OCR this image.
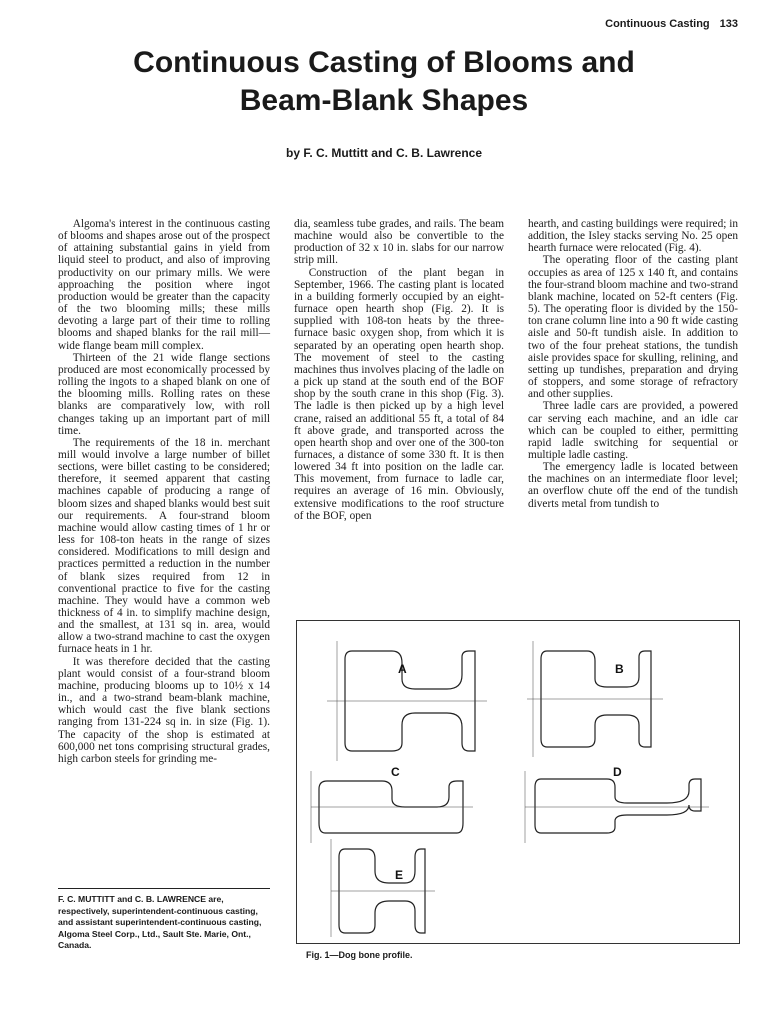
Continuous Casting 133
Continuous Casting of Blooms and
Beam-Blank Shapes
by F. C. Muttitt and C. B. Lawrence

Algoma's interest in the continuous casting of blooms and shapes arose out of the prospect of attaining substantial gains in yield from liquid steel to product, and also of improving productivity on our primary mills. We were approaching the position where ingot production would be greater than the capacity of the two blooming mills; these mills devoting a large part of their time to rolling blooms and shaped blanks for the rail mill—wide flange beam mill complex.

Thirteen of the 21 wide flange sections produced are most economically processed by rolling the ingots to a shaped blank on one of the blooming mills. Rolling rates on these blanks are comparatively low, with roll changes taking up an important part of mill time.

The requirements of the 18 in. merchant mill would involve a large number of billet sections, were billet casting to be considered; therefore, it seemed apparent that casting machines capable of producing a range of bloom sizes and shaped blanks would best suit our requirements. A four-strand bloom machine would allow casting times of 1 hr or less for 108-ton heats in the range of sizes considered. Modifications to mill design and practices permitted a reduction in the number of blank sizes required from 12 in conventional practice to five for the casting machine. They would have a common web thickness of 4 in. to simplify machine design, and the smallest, at 131 sq in. area, would allow a two-strand machine to cast the oxygen furnace heats in 1 hr.

It was therefore decided that the casting plant would consist of a four-strand bloom machine, producing blooms up to 10½ x 14 in., and a two-strand beam-blank machine, which would cast the five blank sections ranging from 131-224 sq in. in size (Fig. 1). The capacity of the shop is estimated at 600,000 net tons comprising structural grades, high carbon steels for grinding me-

dia, seamless tube grades, and rails. The beam machine would also be convertible to the production of 32 x 10 in. slabs for our narrow strip mill.

Construction of the plant began in September, 1966. The casting plant is located in a building formerly occupied by an eight-furnace open hearth shop (Fig. 2). It is supplied with 108-ton heats by the three-furnace basic oxygen shop, from which it is separated by an operating open hearth shop. The movement of steel to the casting machines thus involves placing of the ladle on a pick up stand at the south end of the BOF shop by the south crane in this shop (Fig. 3). The ladle is then picked up by a high level crane, raised an additional 55 ft, a total of 84 ft above grade, and transported across the open hearth shop and over one of the 300-ton furnaces, a distance of some 330 ft. It is then lowered 34 ft into position on the ladle car. This movement, from furnace to ladle car, requires an average of 16 min. Obviously, extensive modifications to the roof structure of the BOF, open

hearth, and casting buildings were required; in addition, the Isley stacks serving No. 25 open hearth furnace were relocated (Fig. 4).

The operating floor of the casting plant occupies as area of 125 x 140 ft, and contains the four-strand bloom machine and two-strand blank machine, located on 52-ft centers (Fig. 5). The operating floor is divided by the 150-ton crane column line into a 90 ft wide casting aisle and 50-ft tundish aisle. In addition to two of the four preheat stations, the tundish aisle provides space for skulling, relining, and setting up tundishes, preparation and drying of stoppers, and some storage of refractory and other supplies.

Three ladle cars are provided, a powered car serving each machine, and an idle car which can be coupled to either, permitting rapid ladle switching for sequential or multiple ladle casting.

The emergency ladle is located between the machines on an intermediate floor level; an overflow chute off the end of the tundish diverts metal from tundish to

F. C. MUTTITT and C. B. LAWRENCE are, respectively, superintendent-continuous casting, and assistant superintendent-continuous casting, Algoma Steel Corp., Ltd., Sault Ste. Marie, Ont., Canada.
A	B
C	D
E
Fig. 1—Dog bone profile.
